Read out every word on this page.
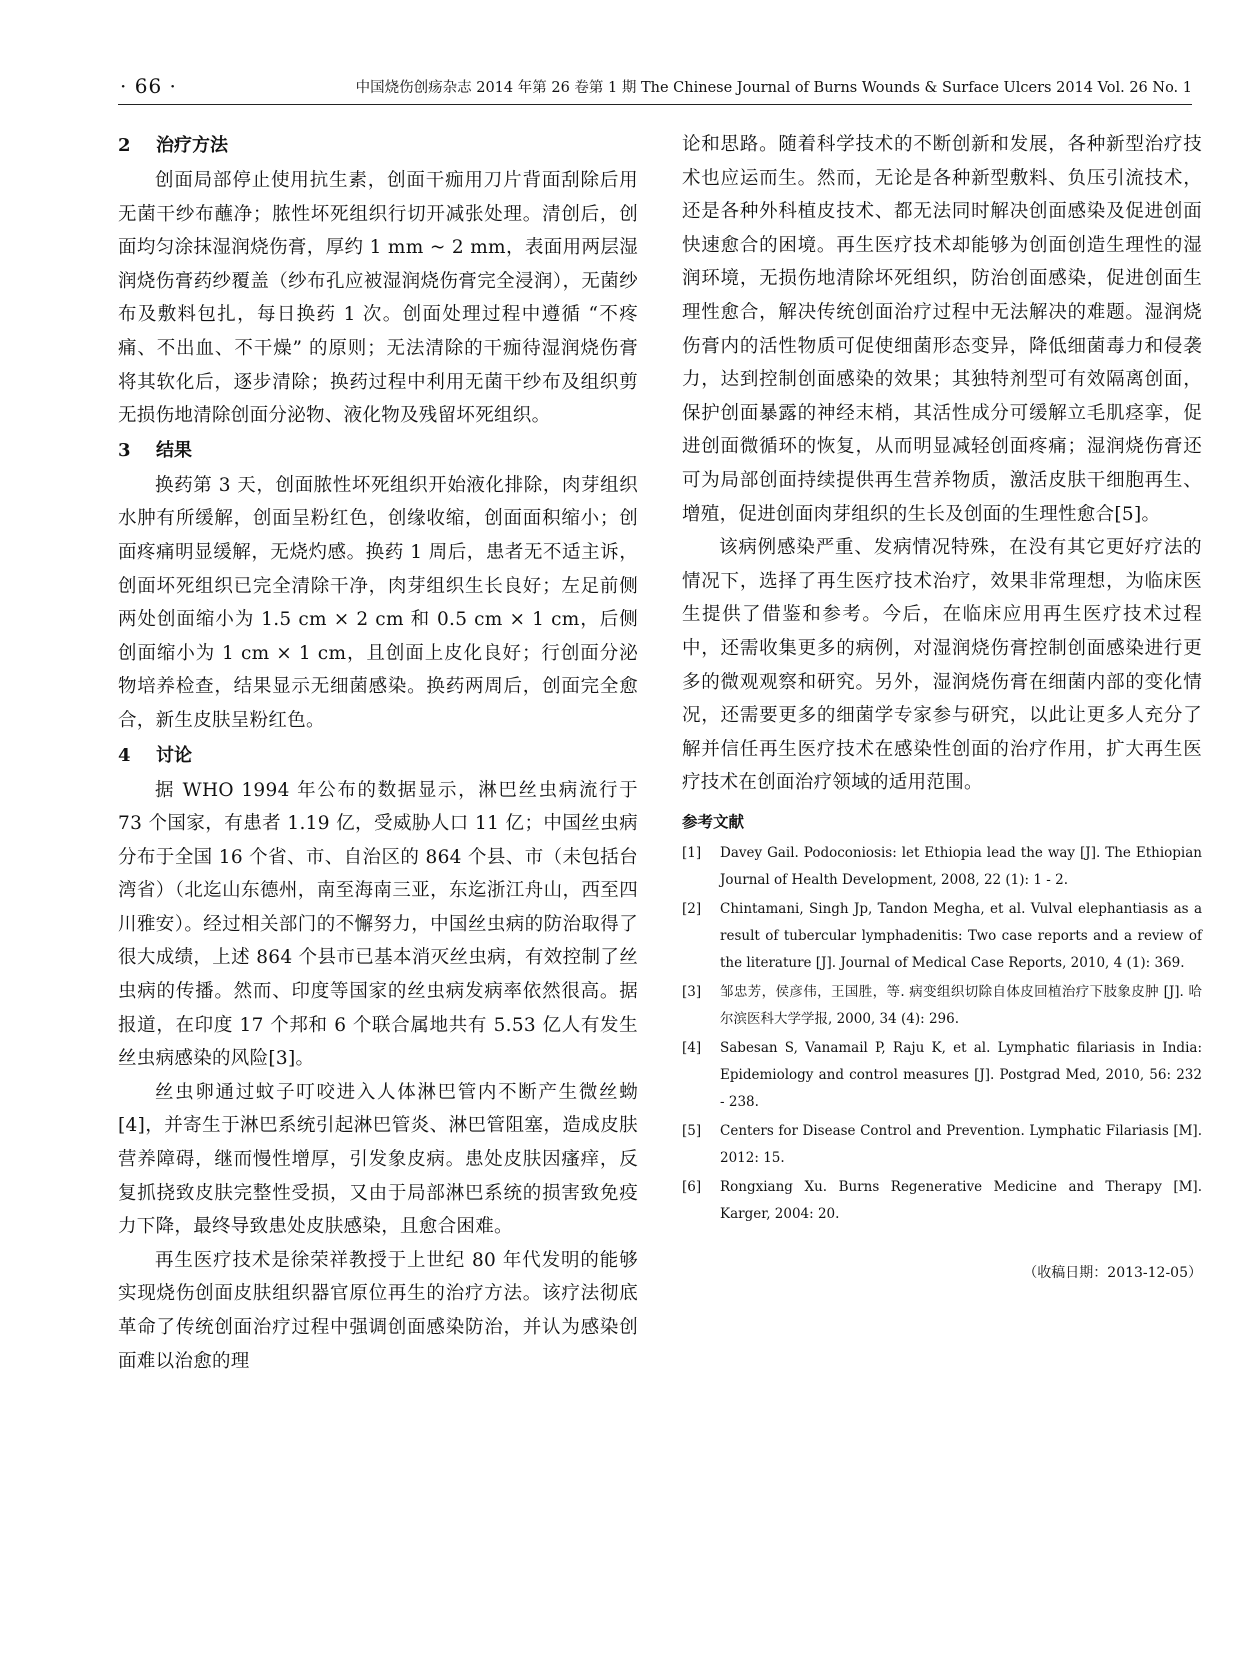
· 66 ·	中国烧伤创疡杂志 2014 年第 26 卷第 1 期 The Chinese Journal of Burns Wounds & Surface Ulcers 2014 Vol. 26 No. 1
2 治疗方法

创面局部停止使用抗生素，创面干痂用刀片背面刮除后用无菌干纱布蘸净；脓性坏死组织行切开减张处理。清创后，创面均匀涂抹湿润烧伤膏，厚约 1 mm ~ 2 mm，表面用两层湿润烧伤膏药纱覆盖（纱布孔应被湿润烧伤膏完全浸润），无菌纱布及敷料包扎，每日换药 1 次。创面处理过程中遵循 “不疼痛、不出血、不干燥” 的原则；无法清除的干痂待湿润烧伤膏将其软化后，逐步清除；换药过程中利用无菌干纱布及组织剪无损伤地清除创面分泌物、液化物及残留坏死组织。

3 结果

换药第 3 天，创面脓性坏死组织开始液化排除，肉芽组织水肿有所缓解，创面呈粉红色，创缘收缩，创面面积缩小；创面疼痛明显缓解，无烧灼感。换药 1 周后，患者无不适主诉，创面坏死组织已完全清除干净，肉芽组织生长良好；左足前侧两处创面缩小为 1.5 cm × 2 cm 和 0.5 cm × 1 cm，后侧创面缩小为 1 cm × 1 cm，且创面上皮化良好；行创面分泌物培养检查，结果显示无细菌感染。换药两周后，创面完全愈合，新生皮肤呈粉红色。

4 讨论

据 WHO 1994 年公布的数据显示，淋巴丝虫病流行于 73 个国家，有患者 1.19 亿，受威胁人口 11 亿；中国丝虫病分布于全国 16 个省、市、自治区的 864 个县、市（未包括台湾省）（北迄山东德州，南至海南三亚，东迄浙江舟山，西至四川雅安）。经过相关部门的不懈努力，中国丝虫病的防治取得了很大成绩，上述 864 个县市已基本消灭丝虫病，有效控制了丝虫病的传播。然而、印度等国家的丝虫病发病率依然很高。据报道，在印度 17 个邦和 6 个联合属地共有 5.53 亿人有发生丝虫病感染的风险[3]。

丝虫卵通过蚊子叮咬进入人体淋巴管内不断产生微丝蚴[4]，并寄生于淋巴系统引起淋巴管炎、淋巴管阻塞，造成皮肤营养障碍，继而慢性增厚，引发象皮病。患处皮肤因瘙痒，反复抓挠致皮肤完整性受损，又由于局部淋巴系统的损害致免疫力下降，最终导致患处皮肤感染，且愈合困难。

再生医疗技术是徐荣祥教授于上世纪 80 年代发明的能够实现烧伤创面皮肤组织器官原位再生的治疗方法。该疗法彻底革命了传统创面治疗过程中强调创面感染防治，并认为感染创面难以治愈的理

论和思路。随着科学技术的不断创新和发展，各种新型治疗技术也应运而生。然而，无论是各种新型敷料、负压引流技术，还是各种外科植皮技术、都无法同时解决创面感染及促进创面快速愈合的困境。再生医疗技术却能够为创面创造生理性的湿润环境，无损伤地清除坏死组织，防治创面感染，促进创面生理性愈合，解决传统创面治疗过程中无法解决的难题。湿润烧伤膏内的活性物质可促使细菌形态变异，降低细菌毒力和侵袭力，达到控制创面感染的效果；其独特剂型可有效隔离创面，保护创面暴露的神经末梢，其活性成分可缓解立毛肌痉挛，促进创面微循环的恢复，从而明显减轻创面疼痛；湿润烧伤膏还可为局部创面持续提供再生营养物质，激活皮肤干细胞再生、增殖，促进创面肉芽组织的生长及创面的生理性愈合[5]。

该病例感染严重、发病情况特殊，在没有其它更好疗法的情况下，选择了再生医疗技术治疗，效果非常理想，为临床医生提供了借鉴和参考。今后，在临床应用再生医疗技术过程中，还需收集更多的病例，对湿润烧伤膏控制创面感染进行更多的微观观察和研究。另外，湿润烧伤膏在细菌内部的变化情况，还需要更多的细菌学专家参与研究，以此让更多人充分了解并信任再生医疗技术在感染性创面的治疗作用，扩大再生医疗技术在创面治疗领域的适用范围。

参考文献
[1]	Davey Gail. Podoconiosis: let Ethiopia lead the way [J]. The Ethiopian Journal of Health Development, 2008, 22 (1): 1 - 2.
[2]	Chintamani, Singh Jp, Tandon Megha, et al. Vulval elephantiasis as a result of tubercular lymphadenitis: Two case reports and a review of the literature [J]. Journal of Medical Case Reports, 2010, 4 (1): 369.
[3]	邹忠芳，侯彦伟，王国胜，等. 病变组织切除自体皮回植治疗下肢象皮肿 [J]. 哈尔滨医科大学学报, 2000, 34 (4): 296.
[4]	Sabesan S, Vanamail P, Raju K, et al. Lymphatic filariasis in India: Epidemiology and control measures [J]. Postgrad Med, 2010, 56: 232 - 238.
[5]	Centers for Disease Control and Prevention. Lymphatic Filariasis [M]. 2012: 15.
[6]	Rongxiang Xu. Burns Regenerative Medicine and Therapy [M]. Karger, 2004: 20.
（收稿日期：2013-12-05）
